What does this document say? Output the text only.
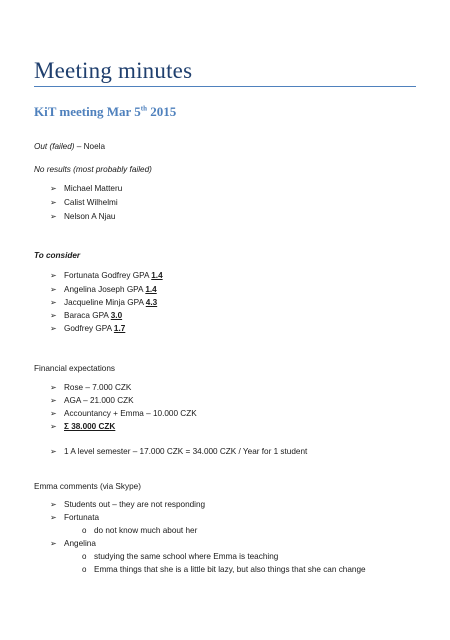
Meeting minutes
KiT meeting Mar 5th 2015
Out (failed) – Noela
No results (most probably failed)
➢ Michael Matteru
➢ Calist Wilhelmi
➢ Nelson A Njau
To consider
➢ Fortunata Godfrey GPA 1.4
➢ Angelina Joseph GPA 1.4
➢ Jacqueline Minja GPA 4.3
➢ Baraca GPA 3.0
➢ Godfrey GPA 1.7
Financial expectations
➢ Rose – 7.000 CZK
➢ AGA – 21.000 CZK
➢ Accountancy + Emma – 10.000 CZK
➢ Σ 38.000 CZK
➢ 1 A level semester – 17.000 CZK = 34.000 CZK / Year for 1 student
Emma comments (via Skype)
➢ Students out – they are not responding
➢ Fortunata
o do not know much about her
➢ Angelina
o studying the same school where Emma is teaching
o Emma things that she is a little bit lazy, but also things that she can change
